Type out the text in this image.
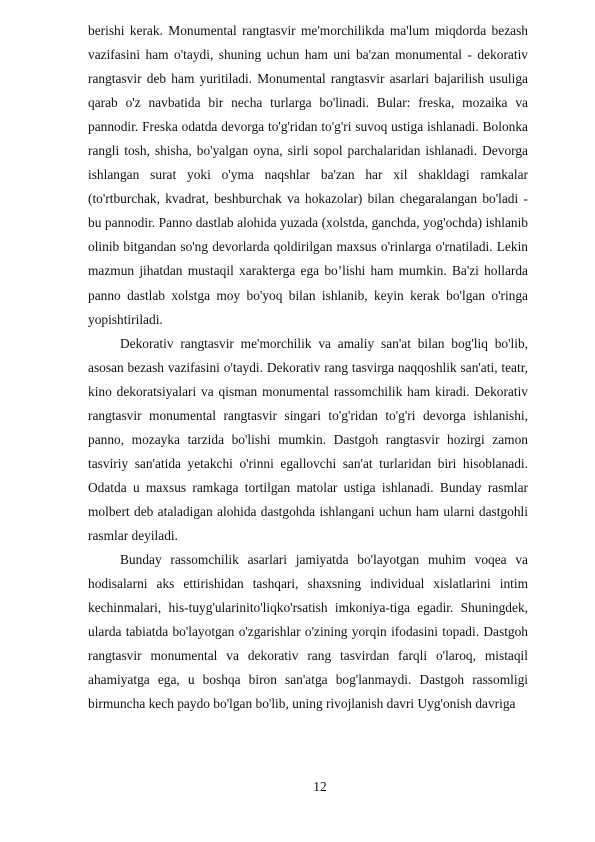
berishi kerak. Monumental rangtasvir me'morchilikda ma'lum miqdorda bezash vazifasini ham o'taydi, shuning uchun ham uni ba'zan monumental - dekorativ rangtasvir deb ham yuritiladi. Monumental rangtasvir asarlari bajarilish usuliga qarab o'z navbatida bir necha turlarga bo'linadi. Bular: freska, mozaika va pannodir. Freska odatda devorga to'g'ridan to'g'ri suvoq ustiga ishlanadi. Bolonka rangli tosh, shisha, bo'yalgan oyna, sirli sopol parchalaridan ishlanadi. Devorga ishlangan surat yoki o'yma naqshlar ba'zan har xil shakldagi ramkalar (to'rtburchak, kvadrat, beshburchak va hokazolar) bilan chegaralangan bo'ladi - bu pannodir. Panno dastlab alohida yuzada (xolstda, ganchda, yog'ochda) ishlanib olinib bitgandan so'ng devorlarda qoldirilgan maxsus o'rinlarga o'rnatiladi. Lekin mazmun jihatdan mustaqil xarakterga ega bo’lishi ham mumkin. Ba'zi hollarda panno dastlab xolstga moy bo'yoq bilan ishlanib, keyin kerak bo'lgan o'ringa yopishtiriladi.

Dekorativ rangtasvir me'morchilik va amaliy san'at bilan bog'liq bo'lib, asosan bezash vazifasini o'taydi. Dekorativ rang tasvirga naqqoshlik san'ati, teatr, kino dekoratsiyalari va qisman monumental rassomchilik ham kiradi. Dekorativ rangtasvir monumental rangtasvir singari to'g'ridan to'g'ri devorga ishlanishi, panno, mozayka tarzida bo'lishi mumkin. Dastgoh rangtasvir hozirgi zamon tasviriy san'atida yetakchi o'rinni egallovchi san'at turlaridan biri hisoblanadi. Odatda u maxsus ramkaga tortilgan matolar ustiga ishlanadi. Bunday rasmlar molbert deb ataladigan alohida dastgohda ishlangani uchun ham ularni dastgohli rasmlar deyiladi.

Bunday rassomchilik asarlari jamiyatda bo'layotgan muhim voqea va hodisalarni aks ettirishidan tashqari, shaxsning individual xislatlarini intim kechinmalari, his-tuyg'ularinito'liqko'rsatish imkoniya-tiga egadir. Shuningdek, ularda tabiatda bo'layotgan o'zgarishlar o'zining yorqin ifodasini topadi. Dastgoh rangtasvir monumental va dekorativ rang tasvirdan farqli o'laroq, mistaqil ahamiyatga ega, u boshqa biron san'atga bog'lanmaydi. Dastgoh rassomligi birmuncha kech paydo bo'lgan bo'lib, uning rivojlanish davri Uyg'onish davriga

12
